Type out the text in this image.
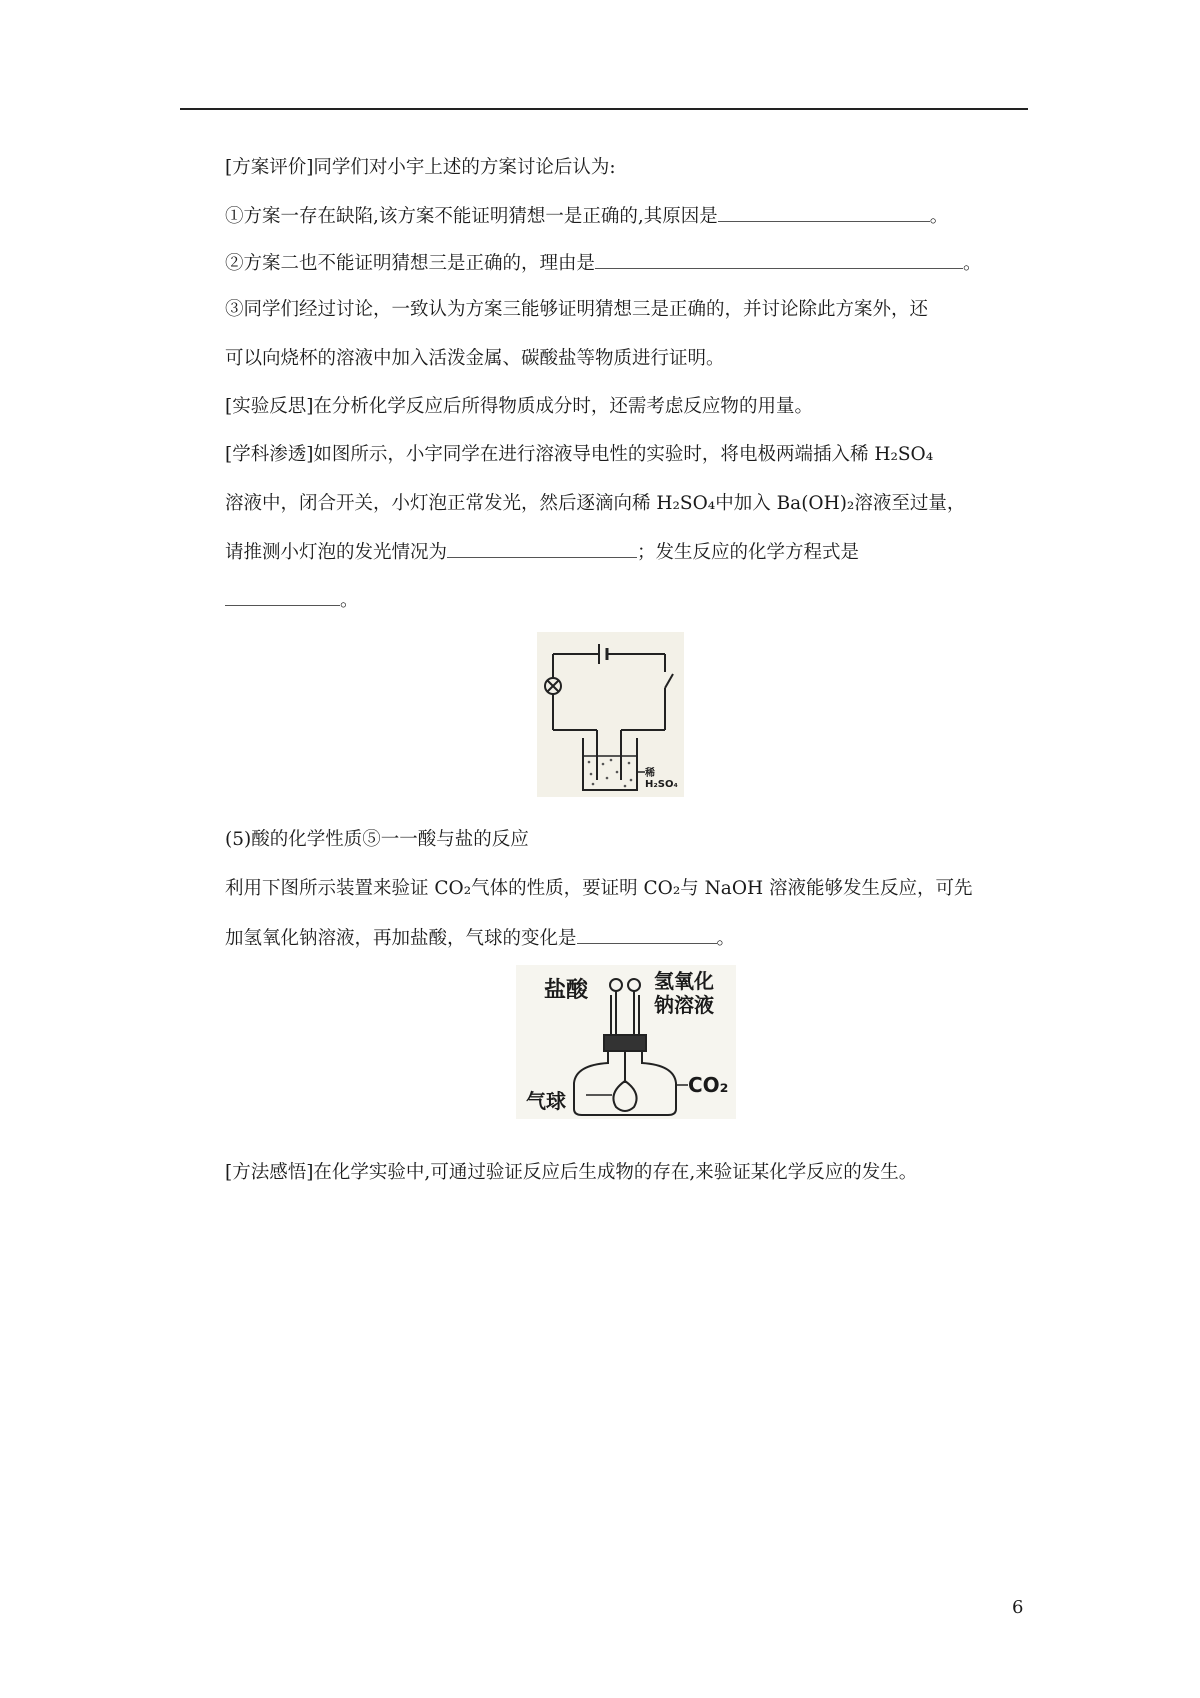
[方案评价]同学们对小宇上述的方案讨论后认为:
①方案一存在缺陷,该方案不能证明猜想一是正确的,其原因是	。
②方案二也不能证明猜想三是正确的，理由是	。
③同学们经过讨论，一致认为方案三能够证明猜想三是正确的，并讨论除此方案外，还
可以向烧杯的溶液中加入活泼金属、碳酸盐等物质进行证明。
[实验反思]在分析化学反应后所得物质成分时，还需考虑反应物的用量。
[学科渗透]如图所示，小宇同学在进行溶液导电性的实验时，将电极两端插入稀 H₂SO₄
溶液中，闭合开关，小灯泡正常发光，然后逐滴向稀 H₂SO₄中加入 Ba(OH)₂溶液至过量，
请推测小灯泡的发光情况为	；发生反应的化学方程式是
。
稀H₂SO₄
(5)酸的化学性质⑤一一酸与盐的反应
利用下图所示装置来验证 CO₂气体的性质，要证明 CO₂与 NaOH 溶液能够发生反应，可先
加氢氧化钠溶液，再加盐酸，气球的变化是	。
盐酸	氢氧化
钠溶液
CO₂
气球
[方法感悟]在化学实验中,可通过验证反应后生成物的存在,来验证某化学反应的发生。
6
